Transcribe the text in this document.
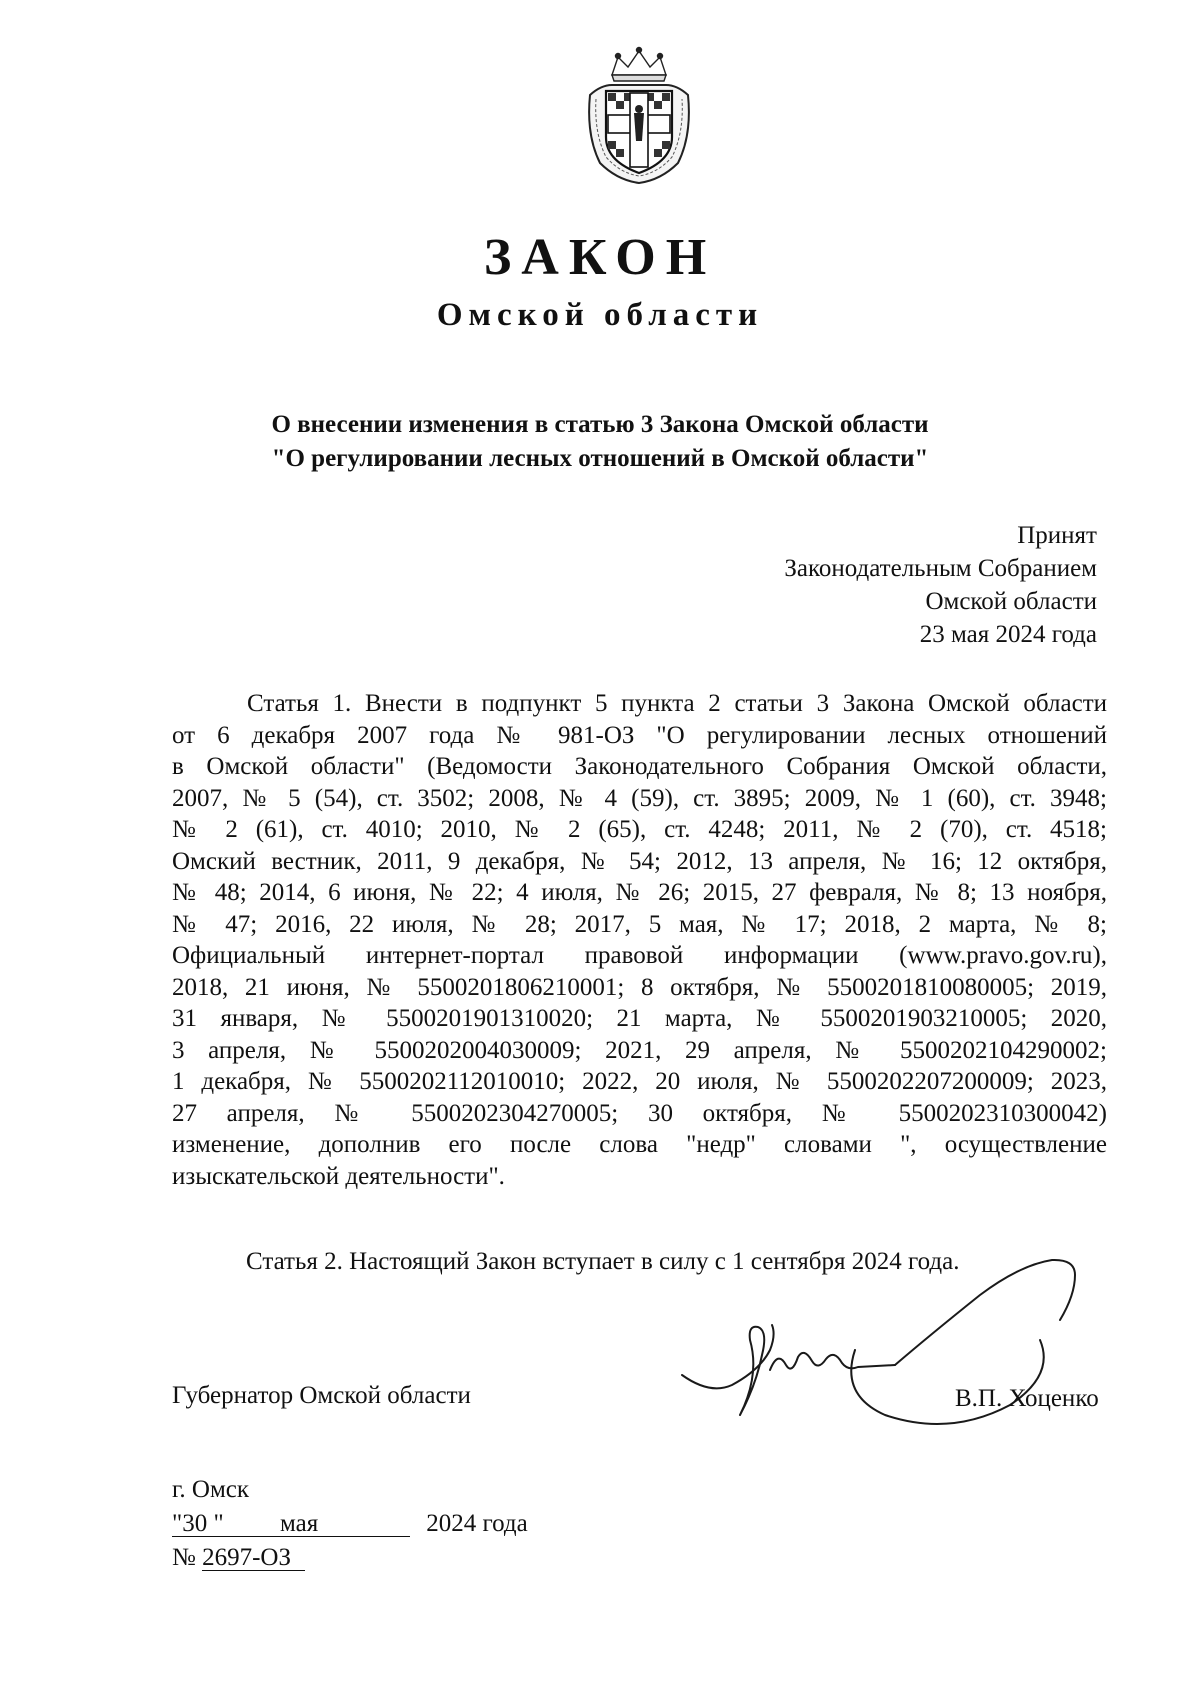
ЗАКОН
Омской области
О внесении изменения в статью 3 Закона Омской области
"О регулировании лесных отношений в Омской области"
Принят
Законодательным Собранием
Омской области
23 мая 2024 года
Статья 1. Внести в подпункт 5 пункта 2 статьи 3 Закона Омской области
от 6 декабря 2007 года № 981-ОЗ "О регулировании лесных отношений
в Омской области" (Ведомости Законодательного Собрания Омской области,
2007, № 5 (54), ст. 3502; 2008, № 4 (59), ст. 3895; 2009, № 1 (60), ст. 3948;
№ 2 (61), ст. 4010; 2010, № 2 (65), ст. 4248; 2011, № 2 (70), ст. 4518;
Омский вестник, 2011, 9 декабря, № 54; 2012, 13 апреля, № 16; 12 октября,
№ 48; 2014, 6 июня, № 22; 4 июля, № 26; 2015, 27 февраля, № 8; 13 ноября,
№ 47; 2016, 22 июля, № 28; 2017, 5 мая, № 17; 2018, 2 марта, № 8;
Официальный интернет-портал правовой информации (www.pravo.gov.ru),
2018, 21 июня, № 5500201806210001; 8 октября, № 5500201810080005; 2019,
31 января, № 5500201901310020; 21 марта, № 5500201903210005; 2020,
3 апреля, № 5500202004030009; 2021, 29 апреля, № 5500202104290002;
1 декабря, № 5500202112010010; 2022, 20 июля, № 5500202207200009; 2023,
27 апреля, № 5500202304270005; 30 октября, № 5500202310300042)
изменение, дополнив его после слова "недр" словами ", осуществление
изыскательской деятельности".
Статья 2. Настоящий Закон вступает в силу с 1 сентября 2024 года.
Губернатор Омской области	В.П. Хоценко
г. Омск
"30 " мая	2024 года
№ 2697-ОЗ
